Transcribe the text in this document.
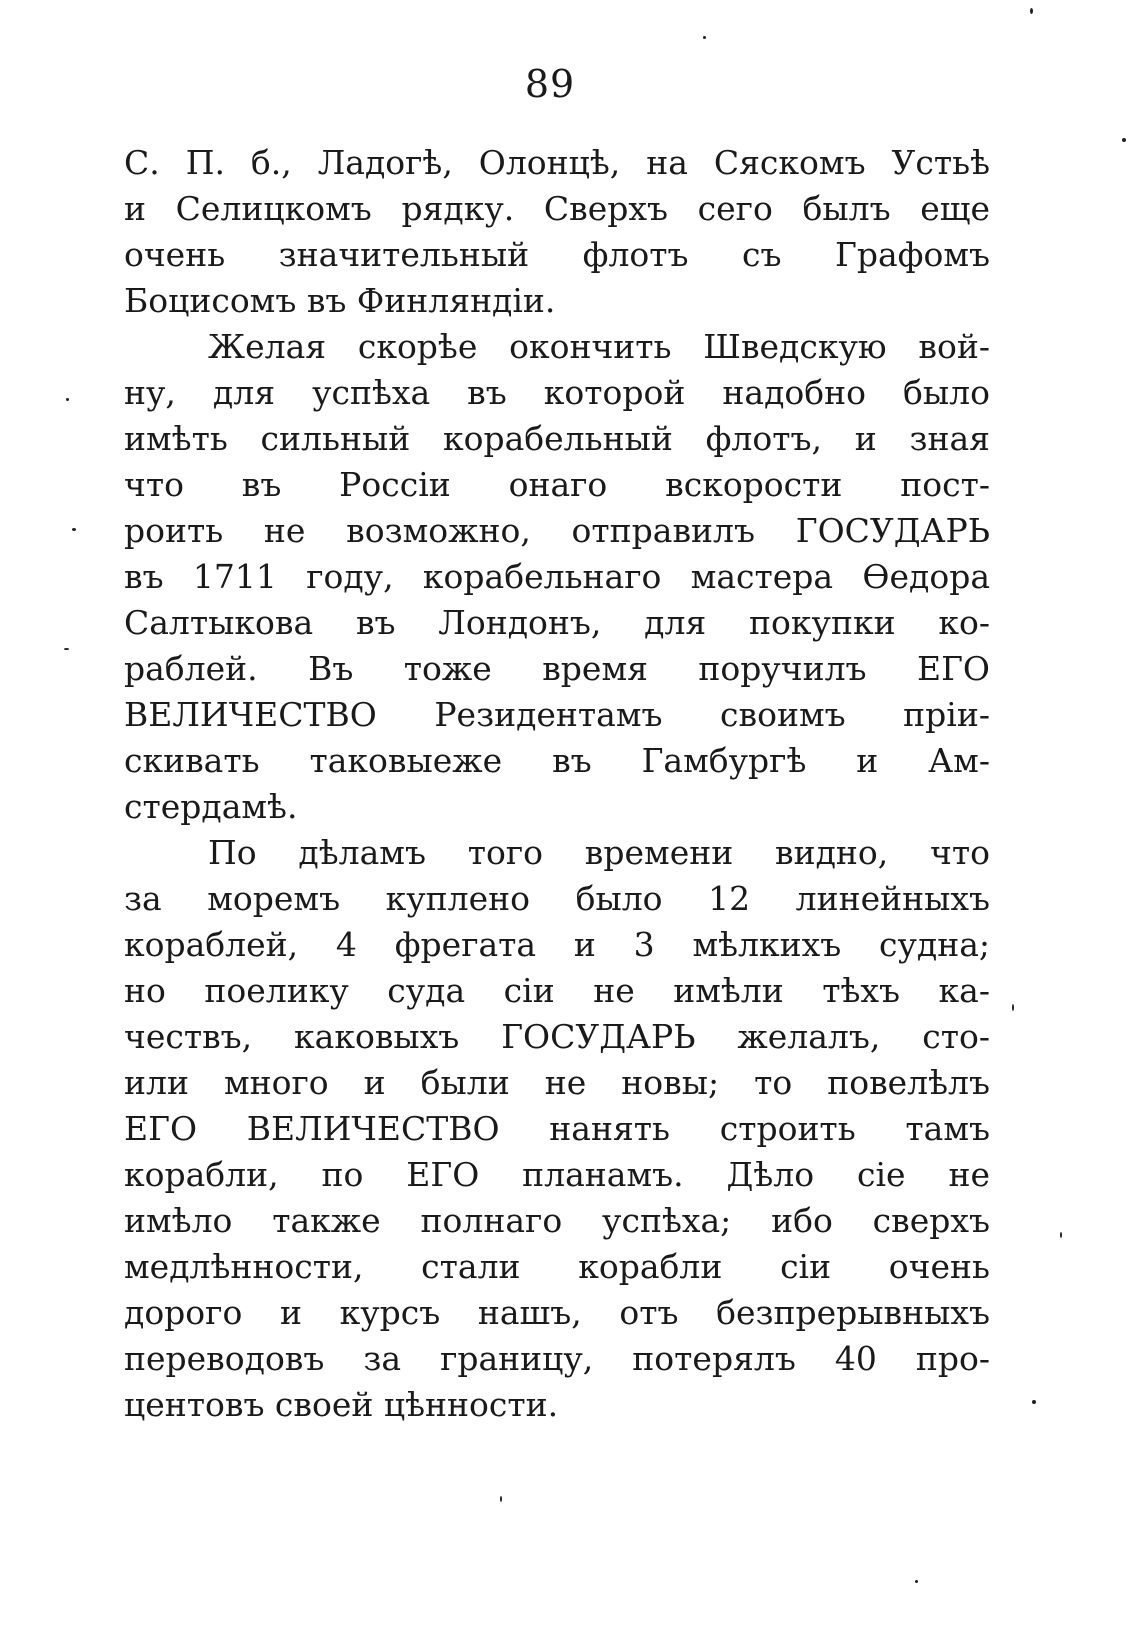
89
С. П. б., Ладогѣ, Олонцѣ, на Сяскомъ Устьѣ
и Селицкомъ рядку. Сверхъ сего былъ еще
очень значительный флотъ съ Графомъ
Боцисомъ въ Финляндіи.
Желая скорѣе окончить Шведскую вой-
ну, для успѣха въ которой надобно было
имѣть сильный корабельный флотъ, и зная
что въ Россіи онаго вскорости пост-
роить не возможно, отправилъ ГОСУДАРЬ
въ 1711 году, корабельнаго мастера Ѳедора
Салтыкова въ Лондонъ, для покупки ко-
раблей. Въ тоже время поручилъ ЕГО
ВЕЛИЧЕСТВО Резидентамъ своимъ пріи-
скивать таковыеже въ Гамбургѣ и Ам-
стердамѣ.
По дѣламъ того времени видно, что
за моремъ куплено было 12 линейныхъ
кораблей, 4 фрегата и 3 мѣлкихъ судна;
но поелику суда сіи не имѣли тѣхъ ка-
чествъ, каковыхъ ГОСУДАРЬ желалъ, сто-
или много и были не новы; то повелѣлъ
ЕГО ВЕЛИЧЕСТВО нанять строить тамъ
корабли, по ЕГО планамъ. Дѣло сіе не
имѣло также полнаго успѣха; ибо сверхъ
медлѣнности, стали корабли сіи очень
дорого и курсъ нашъ, отъ безпрерывныхъ
переводовъ за границу, потерялъ 40 про-
центовъ своей цѣнности.
